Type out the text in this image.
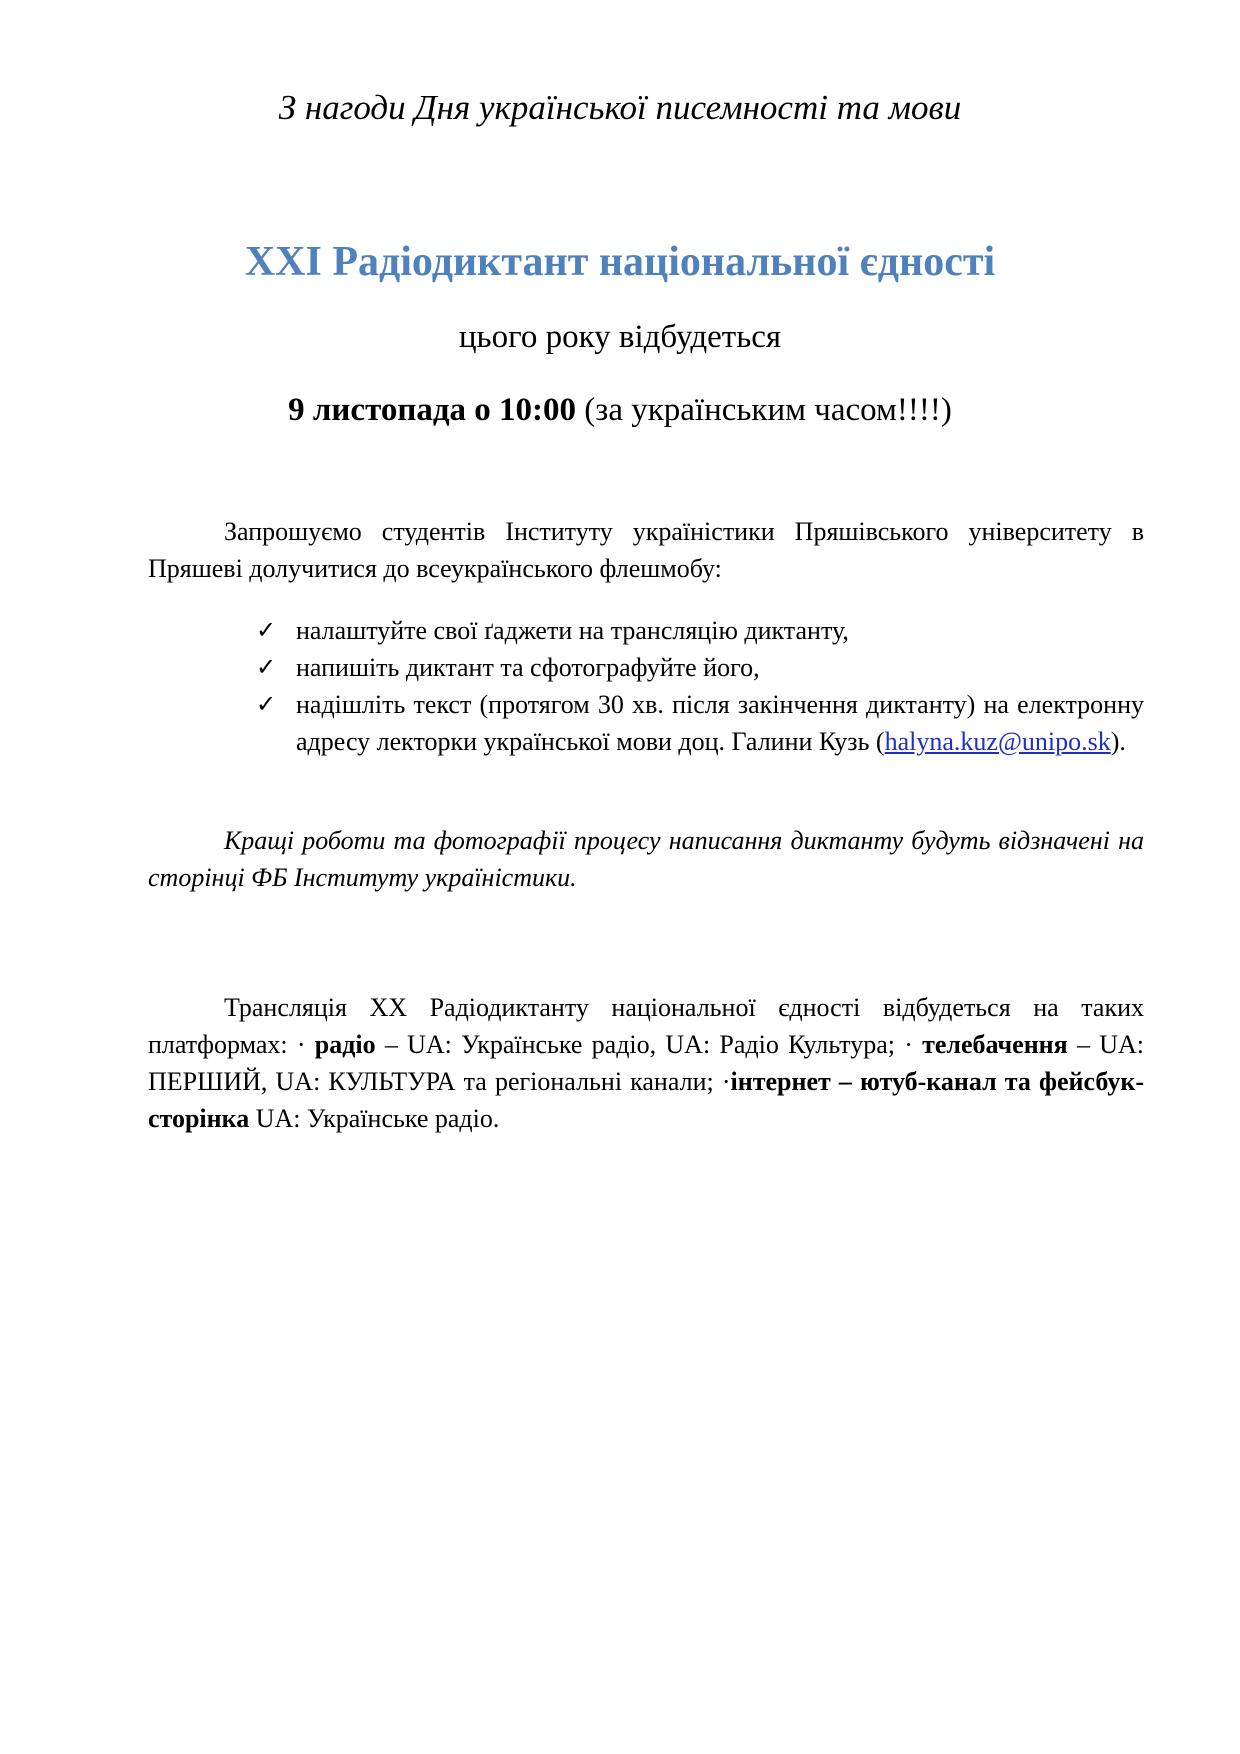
З нагоди Дня української писемності та мови
XXI Радіодиктант національної єдності
цього року відбудеться
9 листопада о 10:00 (за українським часом!!!!)
Запрошуємо студентів Інституту україністики Пряшівського університету в Пряшеві долучитися до всеукраїнського флешмобу:
✓ налаштуйте свої ґаджети на трансляцію диктанту,
✓ напишіть диктант та сфотографуйте його,
✓ надішліть текст (протягом 30 хв. після закінчення диктанту) на електронну адресу лекторки української мови доц. Галини Кузь (halyna.kuz@unipo.sk).
Кращі роботи та фотографії процесу написання диктанту будуть відзначені на сторінці ФБ Інституту україністики.
Трансляція ХХ Радіодиктанту національної єдності відбудеться на таких платформах: · радіо – UA: Українське радіо, UA: Радіо Культура; · телебачення – UA: ПЕРШИЙ, UA: КУЛЬТУРА та регіональні канали; ·інтернет – ютуб-канал та фейсбук-сторінка UA: Українське радіо.
